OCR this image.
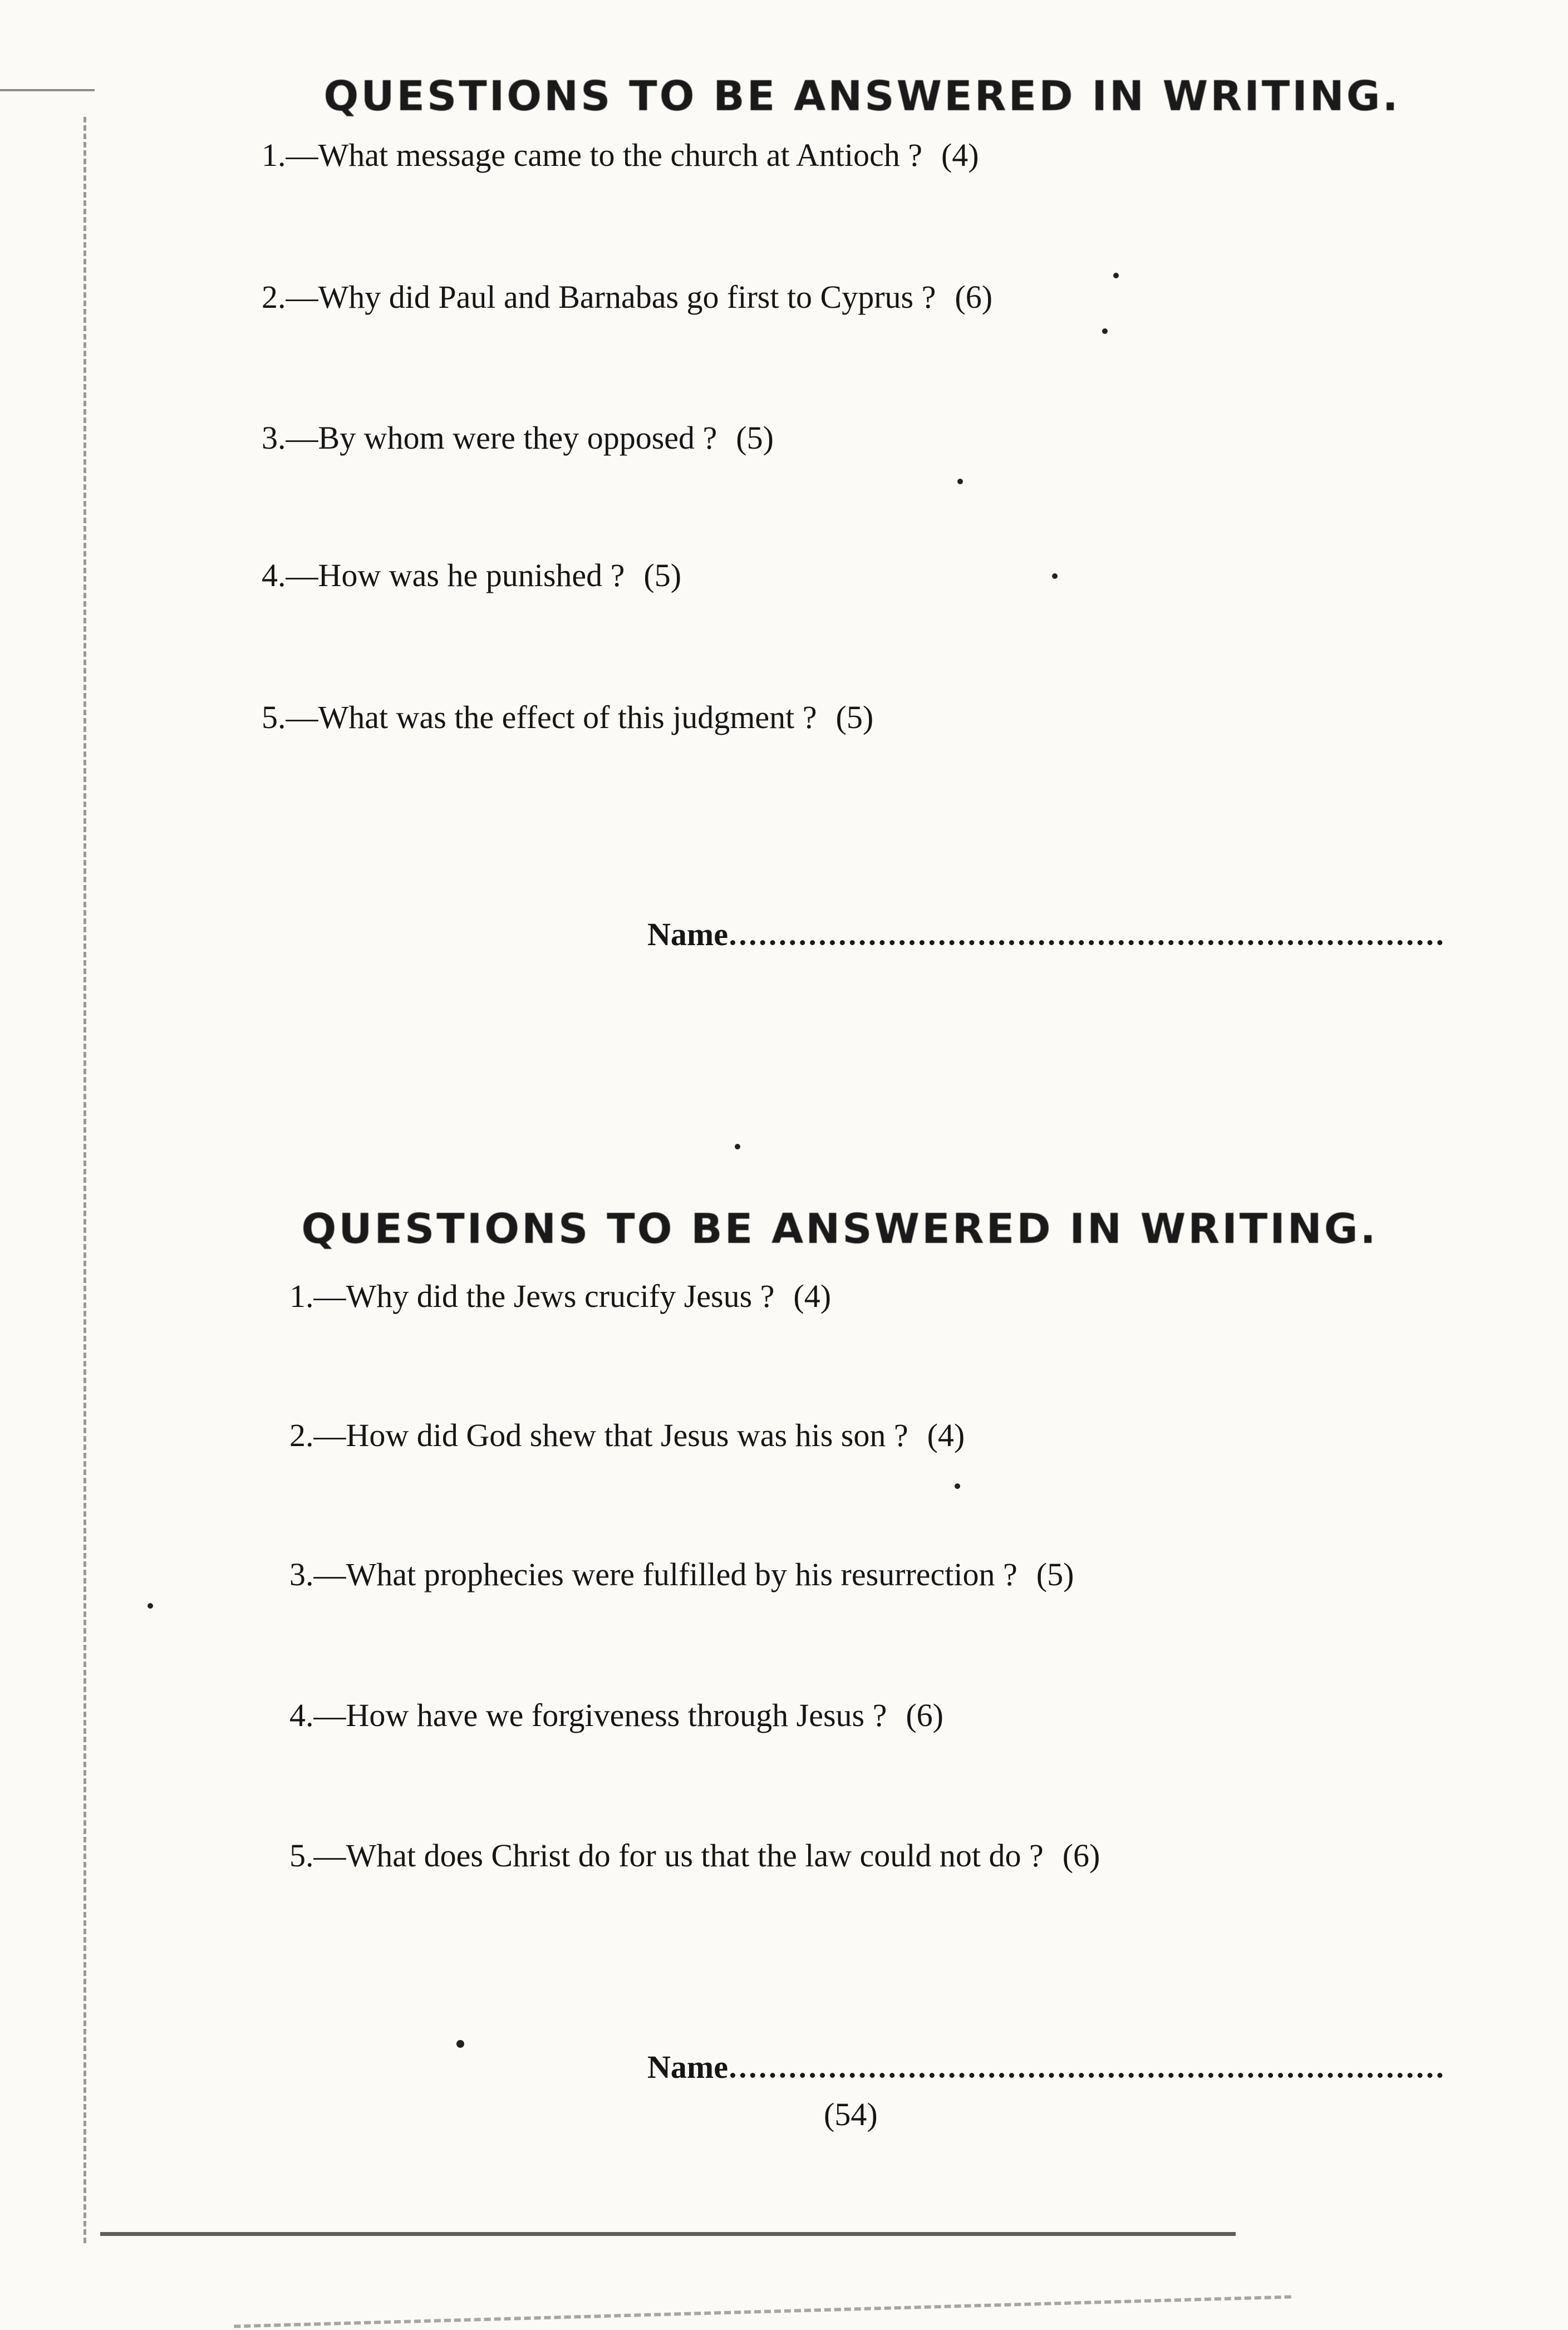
QUESTIONS TO BE ANSWERED IN WRITING.
1.—What message came to the church at Antioch ? (4)
2.—Why did Paul and Barnabas go first to Cyprus ? (6)
3.—By whom were they opposed ? (5)
4.—How was he punished ? (5)
5.—What was the effect of this judgment ? (5)
Name
QUESTIONS TO BE ANSWERED IN WRITING.
1.—Why did the Jews crucify Jesus ? (4)
2.—How did God shew that Jesus was his son ? (4)
3.—What prophecies were fulfilled by his resurrection ? (5)
4.—How have we forgiveness through Jesus ? (6)
5.—What does Christ do for us that the law could not do ? (6)
Name
(54)
